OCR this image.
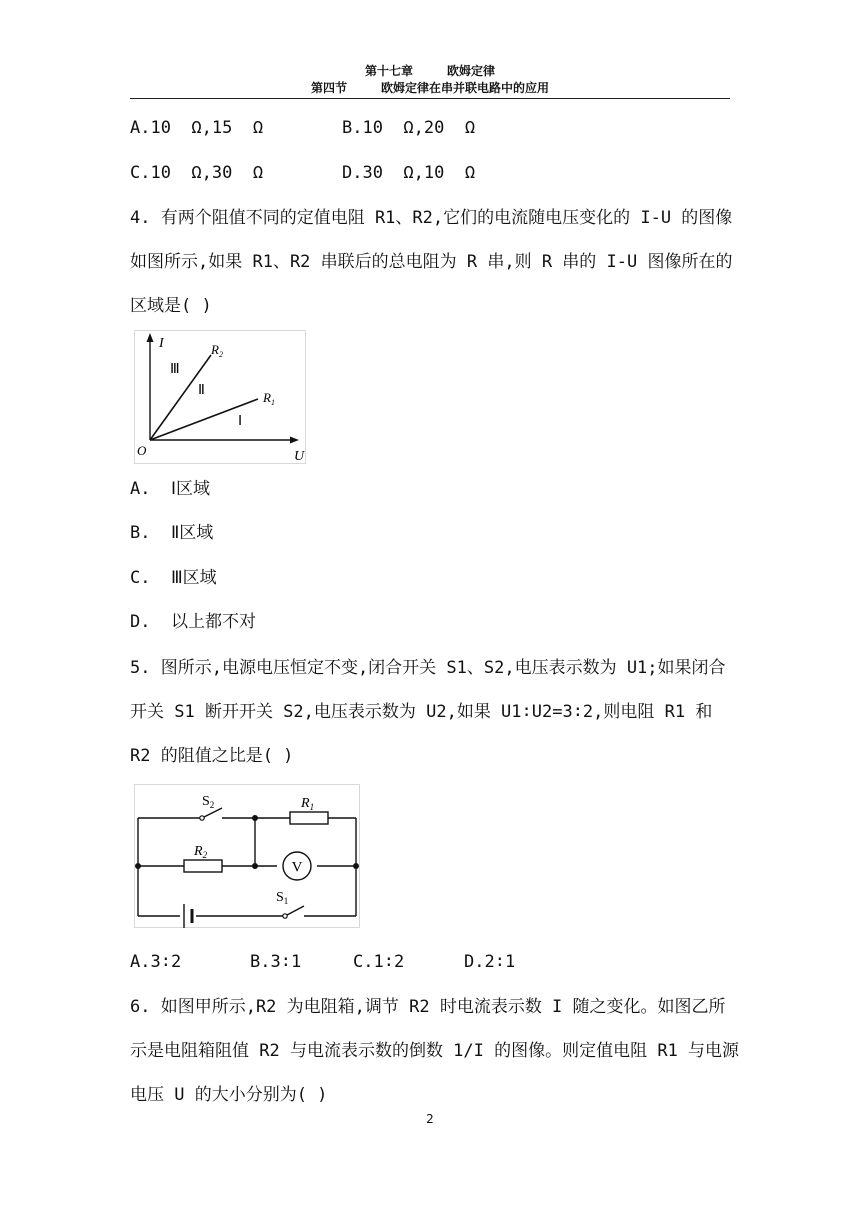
第十七章	欧姆定律
第四节	欧姆定律在串并联电路中的应用
A.10  Ω,15  Ω	B.10  Ω,20  Ω
C.10  Ω,30  Ω	D.30  Ω,10  Ω
4. 有两个阻值不同的定值电阻 R1、R2,它们的电流随电压变化的 I-U 的图像如图所示,如果 R1、R2 串联后的总电阻为 R 串,则 R 串的 I-U 图像所在的区域是( )
I
U
O
$R_2$
$R_1$
Ⅲ
Ⅱ
Ⅰ
A.  Ⅰ区域
B.  Ⅱ区域
C.  Ⅲ区域
D.  以上都不对
5. 图所示,电源电压恒定不变,闭合开关 S1、S2,电压表示数为 U1;如果闭合开关 S1 断开开关 S2,电压表示数为 U2,如果 U1∶U2=3∶2,则电阻 R1 和 R2 的阻值之比是( )
V
$S_2$	$R_1$
$R_2$
$S_1$
A.3∶2	B.3∶1	C.1∶2	D.2∶1
6. 如图甲所示,R2 为电阻箱,调节 R2 时电流表示数 I 随之变化。如图乙所示是电阻箱阻值 R2 与电流表示数的倒数 1/I 的图像。则定值电阻 R1 与电源电压 U 的大小分别为( )
2
